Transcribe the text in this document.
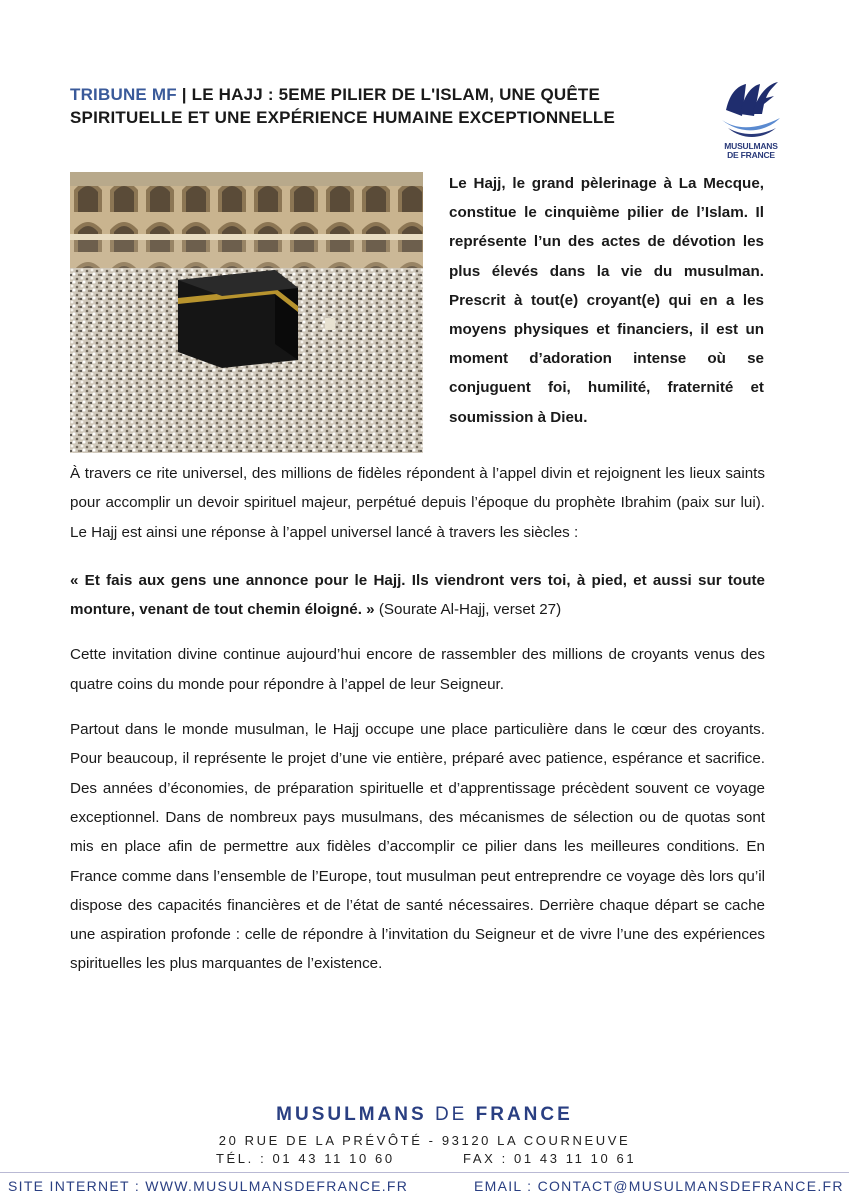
TRIBUNE MF | LE HAJJ : 5EME PILIER DE L'ISLAM, UNE QUÊTE SPIRITUELLE ET UNE EXPÉRIENCE HUMAINE EXCEPTIONNELLE
MUSULMANS
DE FRANCE
Le Hajj, le grand pèlerinage à La Mecque, constitue le cinquième pilier de l’Islam. Il représente l’un des actes de dévotion les plus élevés dans la vie du musulman. Prescrit à tout(e) croyant(e) qui en a les moyens physiques et financiers, il est un moment d’adoration intense où se conjuguent foi, humilité, fraternité et soumission à Dieu.

À travers ce rite universel, des millions de fidèles répondent à l’appel divin et rejoignent les lieux saints pour accomplir un devoir spirituel majeur, perpétué depuis l’époque du prophète Ibrahim (paix sur lui). Le Hajj est ainsi une réponse à l’appel universel lancé à travers les siècles :

« Et fais aux gens une annonce pour le Hajj. Ils viendront vers toi, à pied, et aussi sur toute monture, venant de tout chemin éloigné. » (Sourate Al-Hajj, verset 27)

Cette invitation divine continue aujourd’hui encore de rassembler des millions de croyants venus des quatre coins du monde pour répondre à l’appel de leur Seigneur.

Partout dans le monde musulman, le Hajj occupe une place particulière dans le cœur des croyants. Pour beaucoup, il représente le projet d’une vie entière, préparé avec patience, espérance et sacrifice. Des années d’économies, de préparation spirituelle et d’apprentissage précèdent souvent ce voyage exceptionnel. Dans de nombreux pays musulmans, des mécanismes de sélection ou de quotas sont mis en place afin de permettre aux fidèles d’accomplir ce pilier dans les meilleures conditions. En France comme dans l’ensemble de l’Europe, tout musulman peut entreprendre ce voyage dès lors qu’il dispose des capacités financières et de l’état de santé nécessaires. Derrière chaque départ se cache une aspiration profonde : celle de répondre à l’invitation du Seigneur et de vivre l’une des expériences spirituelles les plus marquantes de l’existence.

MUSULMANS DE FRANCE
20 RUE DE LA PRÉVÔTÉ - 93120 LA COURNEUVE
TÉL. : 01 43 11 10 60	FAX : 01 43 11 10 61
SITE INTERNET : WWW.MUSULMANSDEFRANCE.FR	EMAIL : CONTACT@MUSULMANSDEFRANCE.FR
